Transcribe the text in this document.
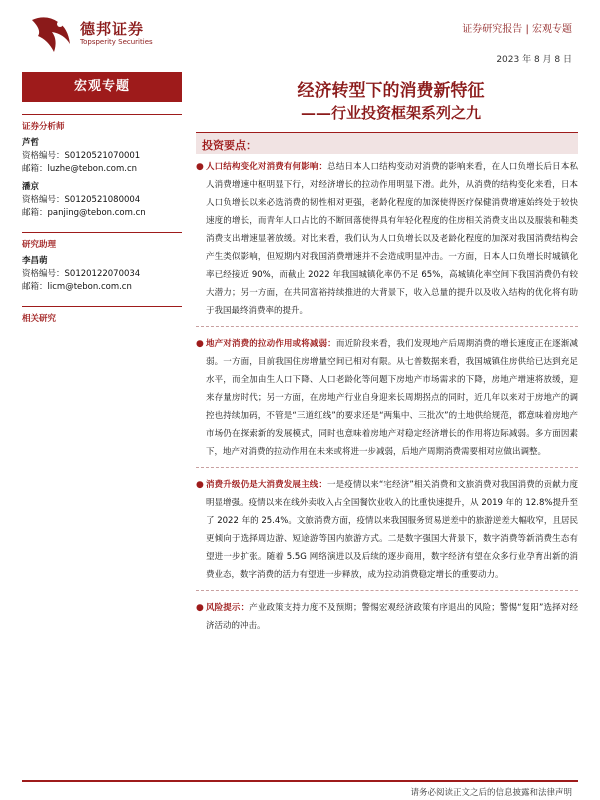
德邦证券
Topsperity Securities
证券研究报告 | 宏观专题
2023 年 8 月 8 日
宏观专题
证券分析师
芦哲
资格编号：S0120521070001
邮箱：luzhe@tebon.com.cn
潘京
资格编号：S0120521080004
邮箱：panjing@tebon.com.cn
研究助理
李昌萌
资格编号：S0120122070034
邮箱：licm@tebon.com.cn
相关研究
经济转型下的消费新特征
——行业投资框架系列之九
投资要点：
● 人口结构变化对消费有何影响：总结日本人口结构变动对消费的影响来看，在人口负增长后日本私人消费增速中枢明显下行，对经济增长的拉动作用明显下滑。此外，从消费的结构变化来看，日本人口负增长以来必选消费的韧性相对更强，老龄化程度的加深使得医疗保健消费增速始终处于较快速度的增长，而青年人口占比的不断回落使得具有年轻化程度的住房相关消费支出以及服装和鞋类消费支出增速显著放缓。对比来看，我们认为人口负增长以及老龄化程度的加深对我国消费结构会产生类似影响，但短期内对我国消费增速并不会造成明显冲击。一方面，日本人口负增长时城镇化率已经接近 90%，而截止 2022 年我国城镇化率仍不足 65%，高城镇化率空间下我国消费仍有较大潜力；另一方面，在共同富裕持续推进的大背景下，收入总量的提升以及收入结构的优化将有助于我国最终消费率的提升。
● 地产对消费的拉动作用或将减弱：而近阶段来看，我们发现地产后周期消费的增长速度正在逐渐减弱。一方面，目前我国住房增量空间已相对有限。从七普数据来看，我国城镇住房供给已达到充足水平，而全加由生人口下降、人口老龄化等问题下房地产市场需求的下降，房地产增速将放缓，迎来存量房时代；另一方面，在房地产行业自身迎来长周期拐点的同时，近几年以来对于房地产的调控也持续加码，不管是“三道红线”的要求还是“两集中、三批次”的土地供给规范，都意味着房地产市场仍在探索新的发展模式，同时也意味着房地产对稳定经济增长的作用将边际减弱。多方面因素下，地产对消费的拉动作用在未来或将进一步减弱，后地产周期消费需要相对应做出调整。
● 消费升级仍是大消费发展主线：一是疫情以来“宅经济”相关消费和文旅消费对我国消费的贡献力度明显增强。疫情以来在线外卖收入占全国餐饮业收入的比重快速提升，从 2019 年的 12.8%提升至了 2022 年的 25.4%。文旅消费方面，疫情以来我国服务贸易逆差中的旅游逆差大幅收窄，且居民更倾向于选择周边游、短途游等国内旅游方式。二是数字强国大背景下，数字消费等新消费生态有望进一步扩张。随着 5.5G 网络演进以及后续的逐步商用，数字经济有望在众多行业孕育出新的消费业态，数字消费的活力有望进一步释放，成为拉动消费稳定增长的重要动力。
● 风险提示：产业政策支持力度不及预期；警惕宏观经济政策有序退出的风险；警惕“复阳”选择对经济活动的冲击。
请务必阅读正文之后的信息披露和法律声明
